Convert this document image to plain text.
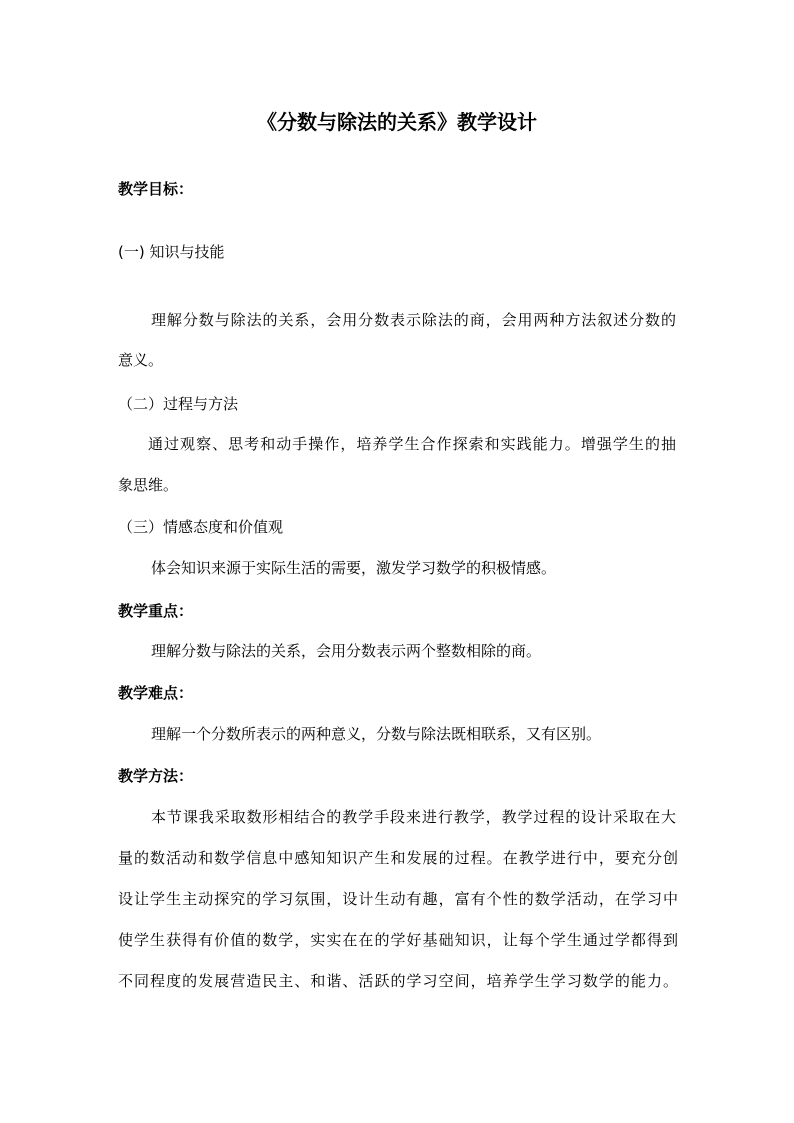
《分数与除法的关系》教学设计
教学目标：
(一) 知识与技能
理解分数与除法的关系，会用分数表示除法的商，会用两种方法叙述分数的
意义。
（二）过程与方法
通过观察、思考和动手操作，培养学生合作探索和实践能力。增强学生的抽
象思维。
（三）情感态度和价值观
体会知识来源于实际生活的需要，激发学习数学的积极情感。
教学重点：
理解分数与除法的关系，会用分数表示两个整数相除的商。
教学难点：
理解一个分数所表示的两种意义，分数与除法既相联系，又有区别。
教学方法：
本节课我采取数形相结合的教学手段来进行教学，教学过程的设计采取在大
量的数活动和数学信息中感知知识产生和发展的过程。在教学进行中，要充分创
设让学生主动探究的学习氛围，设计生动有趣，富有个性的数学活动，在学习中
使学生获得有价值的数学，实实在在的学好基础知识，让每个学生通过学都得到
不同程度的发展营造民主、和谐、活跃的学习空间，培养学生学习数学的能力。
